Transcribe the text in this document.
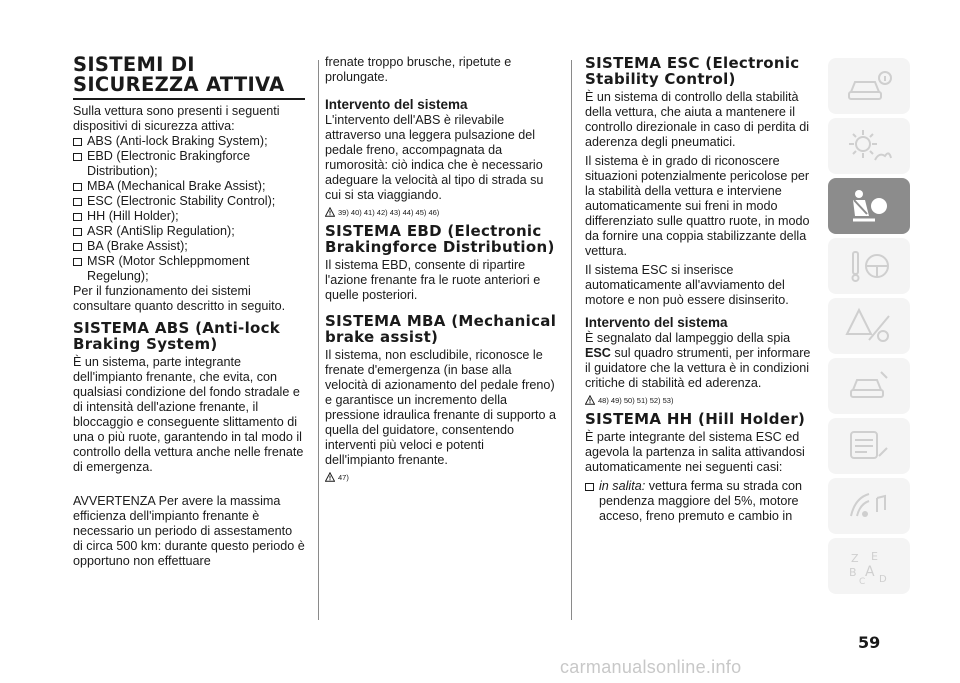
SISTEMI DI SICUREZZA ATTIVA

Sulla vettura sono presenti i seguenti dispositivi di sicurezza attiva:

ABS (Anti-lock Braking System);
EBD (Electronic Brakingforce Distribution);
MBA (Mechanical Brake Assist);
ESC (Electronic Stability Control);
HH (Hill Holder);
ASR (AntiSlip Regulation);
BA (Brake Assist);
MSR (Motor Schleppmoment Regelung);

Per il funzionamento dei sistemi consultare quanto descritto in seguito.

SISTEMA ABS (Anti-lock Braking System)

È un sistema, parte integrante dell'impianto frenante, che evita, con qualsiasi condizione del fondo stradale e di intensità dell'azione frenante, il bloccaggio e conseguente slittamento di una o più ruote, garantendo in tal modo il controllo della vettura anche nelle frenate di emergenza.

AVVERTENZA Per avere la massima efficienza dell'impianto frenante è necessario un periodo di assestamento di circa 500 km: durante questo periodo è opportuno non effettuare

frenate troppo brusche, ripetute e prolungate.

Intervento del sistema

L'intervento dell'ABS è rilevabile attraverso una leggera pulsazione del pedale freno, accompagnata da rumorosità: ciò indica che è necessario adeguare la velocità al tipo di strada su cui si sta viaggiando.

39) 40) 41) 42) 43) 44) 45) 46)
SISTEMA EBD (Electronic Brakingforce Distribution)

Il sistema EBD, consente di ripartire l'azione frenante fra le ruote anteriori e quelle posteriori.

SISTEMA MBA (Mechanical brake assist)

Il sistema, non escludibile, riconosce le frenate d'emergenza (in base alla velocità di azionamento del pedale freno) e garantisce un incremento della pressione idraulica frenante di supporto a quella del guidatore, consentendo interventi più veloci e potenti dell'impianto frenante.

47)
SISTEMA ESC (Electronic Stability Control)

È un sistema di controllo della stabilità della vettura, che aiuta a mantenere il controllo direzionale in caso di perdita di aderenza degli pneumatici.

Il sistema è in grado di riconoscere situazioni potenzialmente pericolose per la stabilità della vettura e interviene automaticamente sui freni in modo differenziato sulle quattro ruote, in modo da fornire una coppia stabilizzante della vettura.

Il sistema ESC si inserisce automaticamente all'avviamento del motore e non può essere disinserito.

Intervento del sistema

È segnalato dal lampeggio della spia ESC sul quadro strumenti, per informare il guidatore che la vettura è in condizioni critiche di stabilità ed aderenza.

48) 49) 50) 51) 52) 53)
SISTEMA HH (Hill Holder)

È parte integrante del sistema ESC ed agevola la partenza in salita attivandosi automaticamente nei seguenti casi:

in salita: vettura ferma su strada con pendenza maggiore del 5%, motore acceso, freno premuto e cambio in
Z E
B A
C D
59
carmanualsonline.info
